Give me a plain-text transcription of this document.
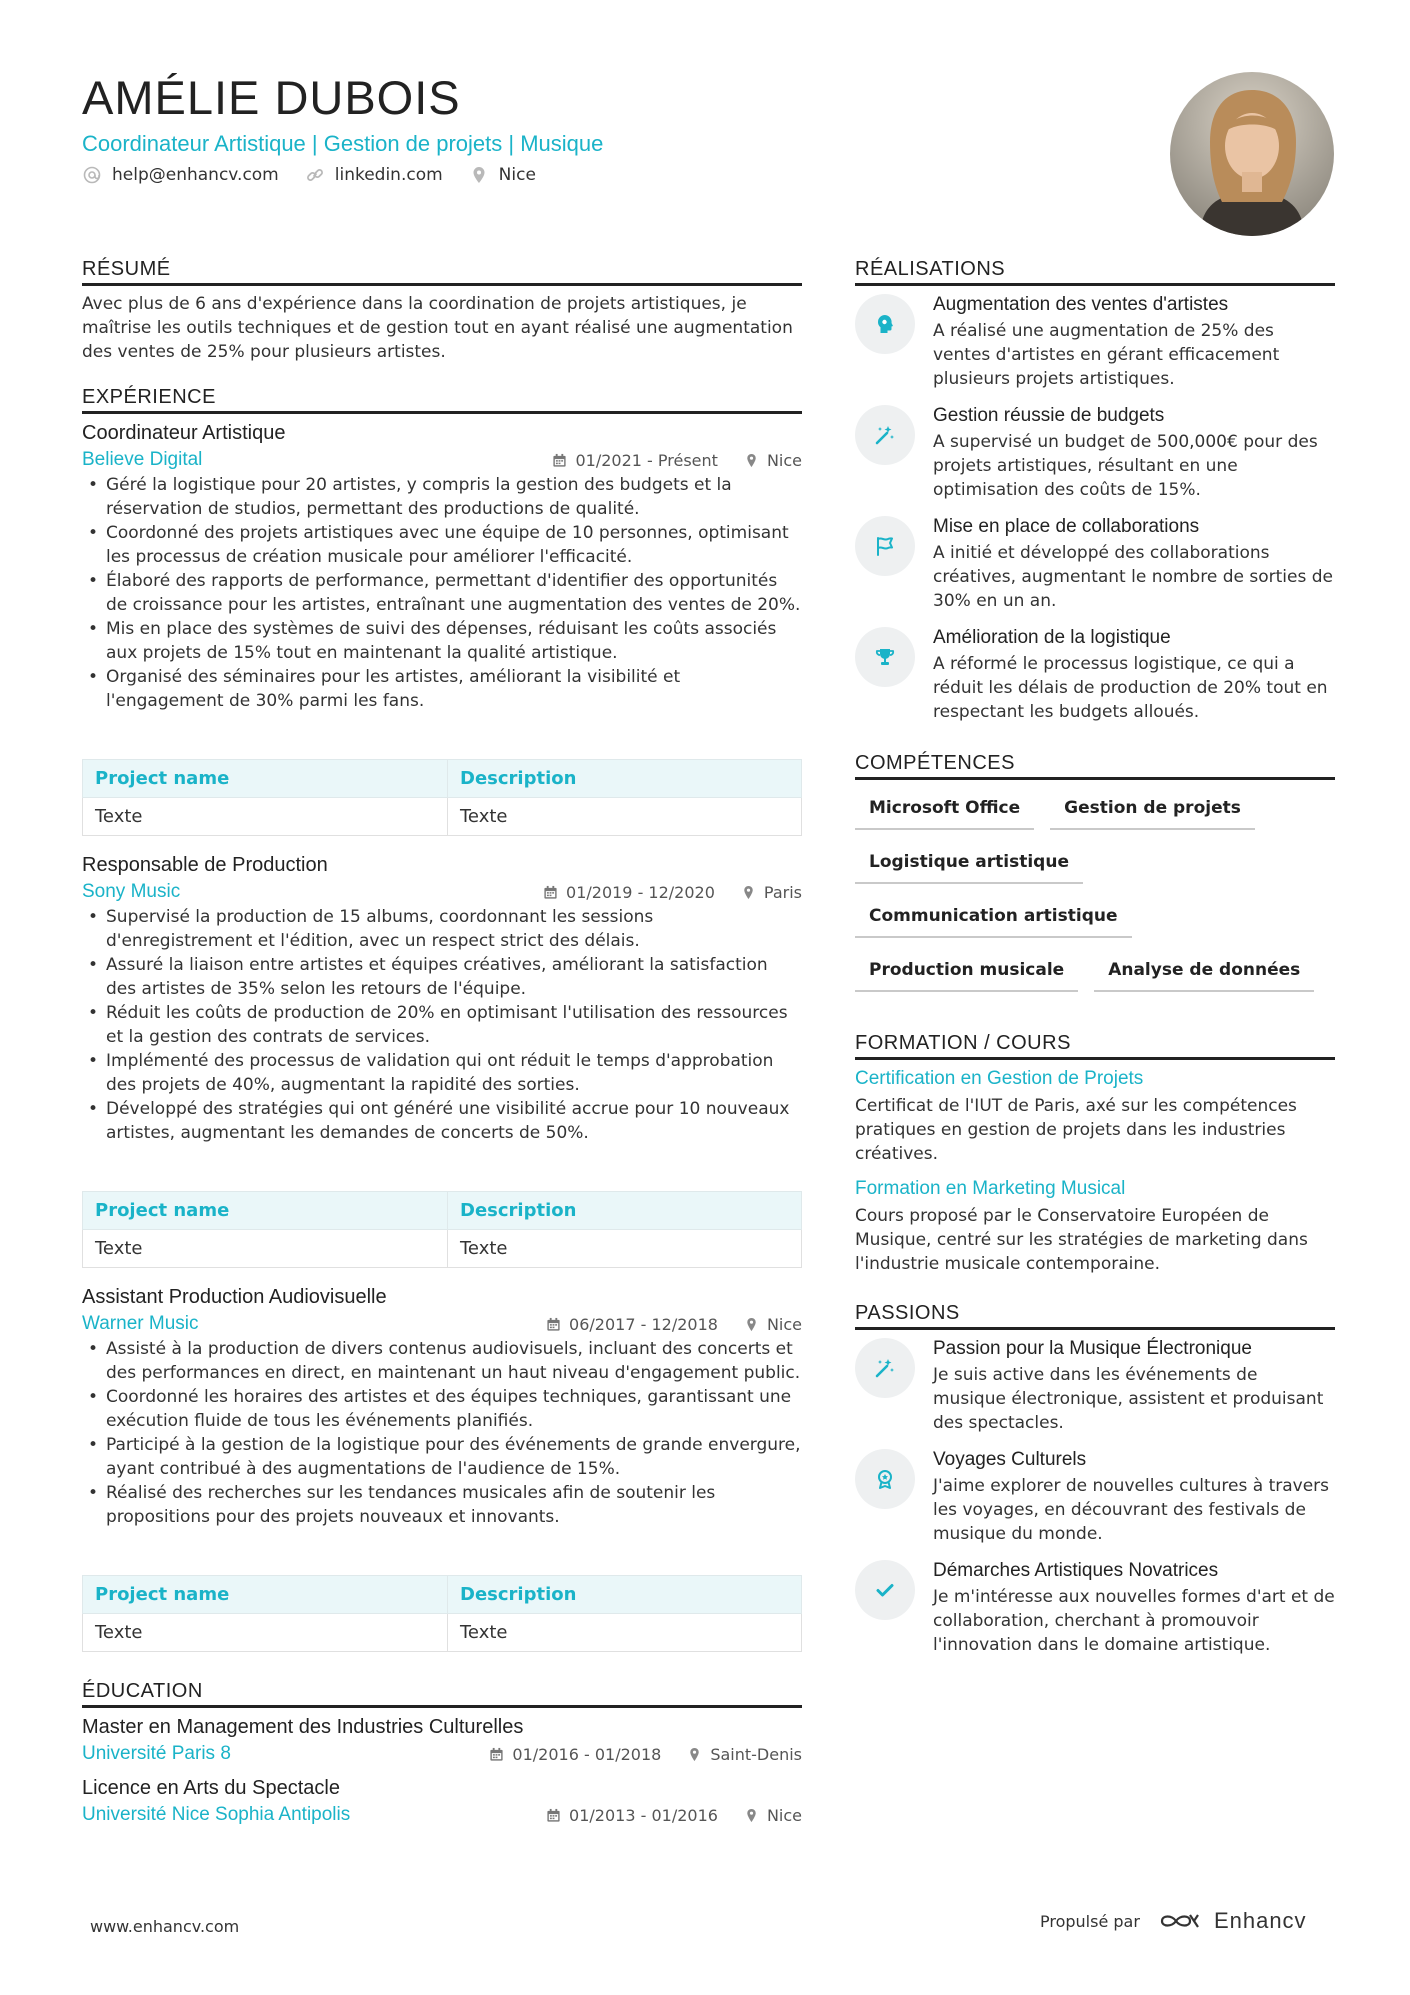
AMÉLIE DUBOIS
Coordinateur Artistique | Gestion de projets | Musique
help@enhancv.com	linkedin.com	Nice
RÉSUMÉ
Avec plus de 6 ans d'expérience dans la coordination de projets artistiques, je maîtrise les outils techniques et de gestion tout en ayant réalisé une augmentation des ventes de 25% pour plusieurs artistes.
EXPÉRIENCE
Coordinateur Artistique
Believe Digital	01/2021 - Présent	Nice
• Géré la logistique pour 20 artistes, y compris la gestion des budgets et la réservation de studios, permettant des productions de qualité.
• Coordonné des projets artistiques avec une équipe de 10 personnes, optimisant les processus de création musicale pour améliorer l'efficacité.
• Élaboré des rapports de performance, permettant d'identifier des opportunités de croissance pour les artistes, entraînant une augmentation des ventes de 20%.
• Mis en place des systèmes de suivi des dépenses, réduisant les coûts associés aux projets de 15% tout en maintenant la qualité artistique.
• Organisé des séminaires pour les artistes, améliorant la visibilité et l'engagement de 30% parmi les fans.
Project name	Description
Texte	Texte
Responsable de Production
Sony Music	01/2019 - 12/2020	Paris
• Supervisé la production de 15 albums, coordonnant les sessions d'enregistrement et l'édition, avec un respect strict des délais.
• Assuré la liaison entre artistes et équipes créatives, améliorant la satisfaction des artistes de 35% selon les retours de l'équipe.
• Réduit les coûts de production de 20% en optimisant l'utilisation des ressources et la gestion des contrats de services.
• Implémenté des processus de validation qui ont réduit le temps d'approbation des projets de 40%, augmentant la rapidité des sorties.
• Développé des stratégies qui ont généré une visibilité accrue pour 10 nouveaux artistes, augmentant les demandes de concerts de 50%.
Project name	Description
Texte	Texte
Assistant Production Audiovisuelle
Warner Music	06/2017 - 12/2018	Nice
• Assisté à la production de divers contenus audiovisuels, incluant des concerts et des performances en direct, en maintenant un haut niveau d'engagement public.
• Coordonné les horaires des artistes et des équipes techniques, garantissant une exécution fluide de tous les événements planifiés.
• Participé à la gestion de la logistique pour des événements de grande envergure, ayant contribué à des augmentations de l'audience de 15%.
• Réalisé des recherches sur les tendances musicales afin de soutenir les propositions pour des projets nouveaux et innovants.
Project name	Description
Texte	Texte
ÉDUCATION
Master en Management des Industries Culturelles
Université Paris 8	01/2016 - 01/2018	Saint-Denis
Licence en Arts du Spectacle
Université Nice Sophia Antipolis	01/2013 - 01/2016	Nice
RÉALISATIONS
Augmentation des ventes d'artistes
A réalisé une augmentation de 25% des ventes d'artistes en gérant efficacement plusieurs projets artistiques.
Gestion réussie de budgets
A supervisé un budget de 500,000€ pour des projets artistiques, résultant en une optimisation des coûts de 15%.
Mise en place de collaborations
A initié et développé des collaborations créatives, augmentant le nombre de sorties de 30% en un an.
Amélioration de la logistique
A réformé le processus logistique, ce qui a réduit les délais de production de 20% tout en respectant les budgets alloués.
COMPÉTENCES
Microsoft Office	Gestion de projets
Logistique artistique
Communication artistique
Production musicale	Analyse de données
FORMATION / COURS
Certification en Gestion de Projets
Certificat de l'IUT de Paris, axé sur les compétences pratiques en gestion de projets dans les industries créatives.
Formation en Marketing Musical
Cours proposé par le Conservatoire Européen de Musique, centré sur les stratégies de marketing dans l'industrie musicale contemporaine.
PASSIONS
Passion pour la Musique Électronique
Je suis active dans les événements de musique électronique, assistent et produisant des spectacles.
Voyages Culturels
J'aime explorer de nouvelles cultures à travers les voyages, en découvrant des festivals de musique du monde.
Démarches Artistiques Novatrices
Je m'intéresse aux nouvelles formes d'art et de collaboration, cherchant à promouvoir l'innovation dans le domaine artistique.
www.enhancv.com	Propulsé par	Enhancv
